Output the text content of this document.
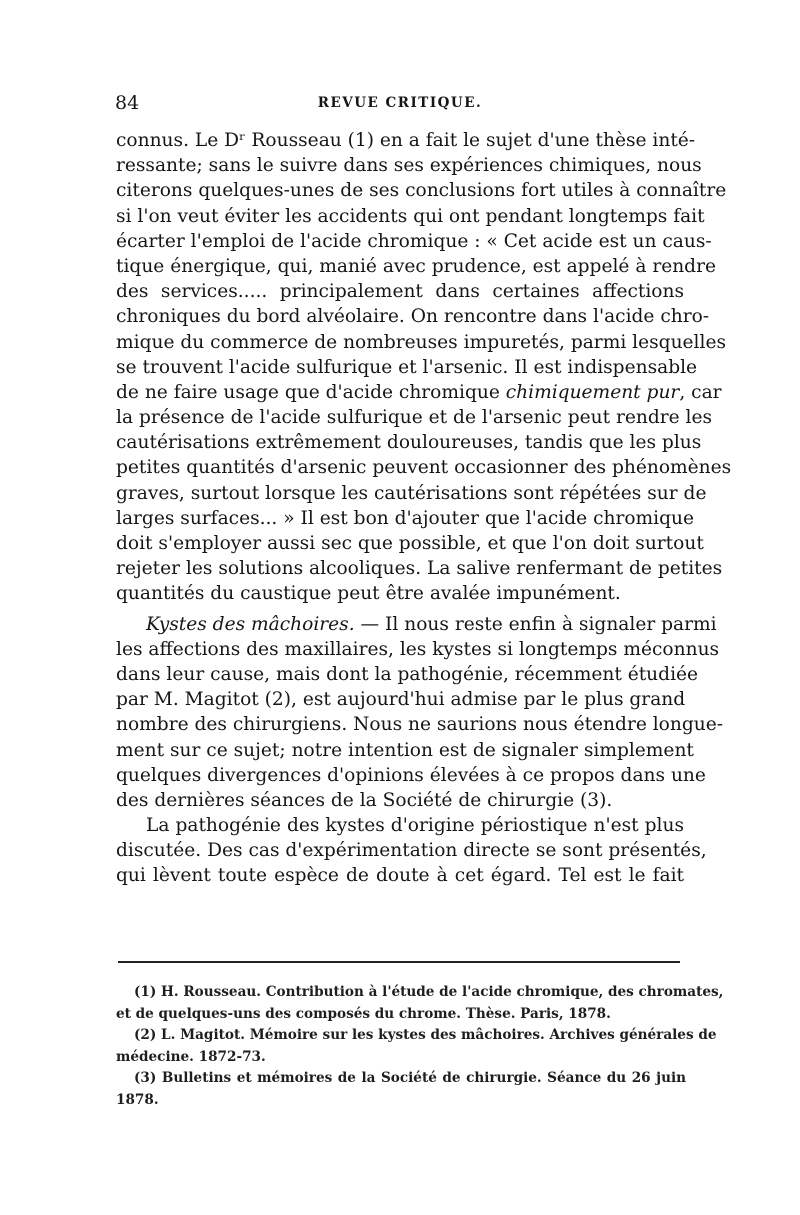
84	REVUE CRITIQUE.
connus. Le Dʳ Rousseau (1) en a fait le sujet d'une thèse inté-
ressante; sans le suivre dans ses expériences chimiques, nous
citerons quelques-unes de ses conclusions fort utiles à connaître
si l'on veut éviter les accidents qui ont pendant longtemps fait
écarter l'emploi de l'acide chromique : « Cet acide est un caus-
tique énergique, qui, manié avec prudence, est appelé à rendre
des services..... principalement dans certaines affections
chroniques du bord alvéolaire. On rencontre dans l'acide chro-
mique du commerce de nombreuses impuretés, parmi lesquelles
se trouvent l'acide sulfurique et l'arsenic. Il est indispensable
de ne faire usage que d'acide chromique chimiquement pur, car
la présence de l'acide sulfurique et de l'arsenic peut rendre les
cautérisations extrêmement douloureuses, tandis que les plus
petites quantités d'arsenic peuvent occasionner des phénomènes
graves, surtout lorsque les cautérisations sont répétées sur de
larges surfaces... » Il est bon d'ajouter que l'acide chromique
doit s'employer aussi sec que possible, et que l'on doit surtout
rejeter les solutions alcooliques. La salive renfermant de petites
quantités du caustique peut être avalée impunément.
Kystes des mâchoires. — Il nous reste enfin à signaler parmi
les affections des maxillaires, les kystes si longtemps méconnus
dans leur cause, mais dont la pathogénie, récemment étudiée
par M. Magitot (2), est aujourd'hui admise par le plus grand
nombre des chirurgiens. Nous ne saurions nous étendre longue-
ment sur ce sujet; notre intention est de signaler simplement
quelques divergences d'opinions élevées à ce propos dans une
des dernières séances de la Société de chirurgie (3).
La pathogénie des kystes d'origine périostique n'est plus
discutée. Des cas d'expérimentation directe se sont présentés,
qui lèvent toute espèce de doute à cet égard. Tel est le fait
(1) H. Rousseau. Contribution à l'étude de l'acide chromique, des chromates,
et de quelques-uns des composés du chrome. Thèse. Paris, 1878.
(2) L. Magitot. Mémoire sur les kystes des mâchoires. Archives générales de
médecine. 1872-73.
(3) Bulletins et mémoires de la Société de chirurgie. Séance du 26 juin
1878.
